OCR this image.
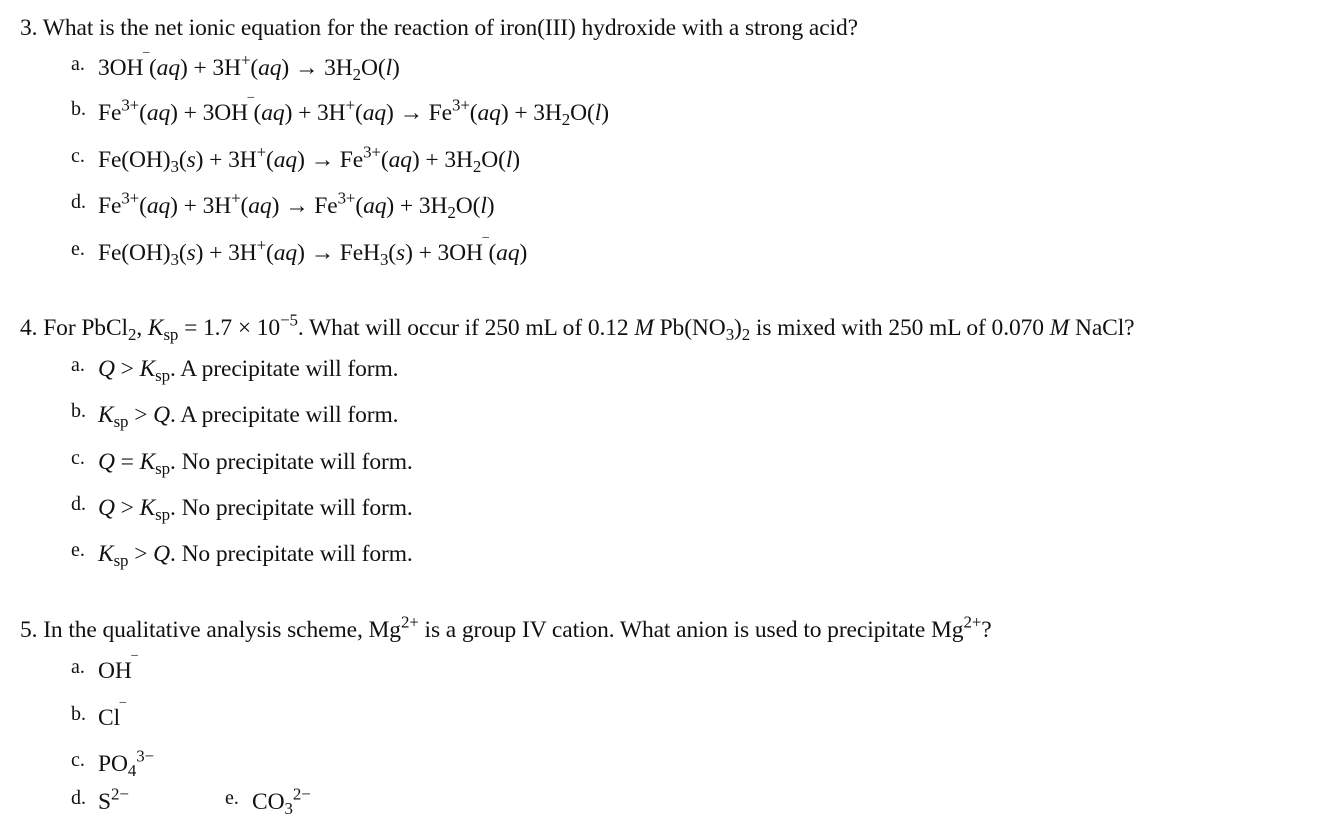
3. What is the net ionic equation for the reaction of iron(III) hydroxide with a strong acid?
a. $3OH^‾(aq) + 3H^+(aq) \to 3H_2O(l)$
b. $Fe^{3+}(aq) + 3OH^‾(aq) + 3H^+(aq) \to Fe^{3+}(aq) + 3H_2O(l)$
c. $Fe(OH)_3(s) + 3H^+(aq) \to Fe^{3+}(aq) + 3H_2O(l)$
d. $Fe^{3+}(aq) + 3H^+(aq) \to Fe^{3+}(aq) + 3H_2O(l)$
e. $Fe(OH)_3(s) + 3H^+(aq) \to FeH_3(s) + 3OH^‾(aq)$
4. For PbCl$_2$, $K_{sp} = 1.7 \times 10^{-5}$. What will occur if 250 mL of 0.12 M $Pb(NO_3)_2$ is mixed with 250 mL of 0.070 M NaCl?
a. $Q > K_{sp}$. A precipitate will form.
b. $K_{sp} > Q$. A precipitate will form.
c. $Q = K_{sp}$. No precipitate will form.
d. $Q > K_{sp}$. No precipitate will form.
e. $K_{sp} > Q$. No precipitate will form.
5. In the qualitative analysis scheme, $Mg^{2+}$ is a group IV cation. What anion is used to precipitate $Mg^{2+}$?
a. OH‾
b. Cl‾
c. $PO_4^{3-}$
d. $S^{2-}$	e. $CO_3^{2-}$
